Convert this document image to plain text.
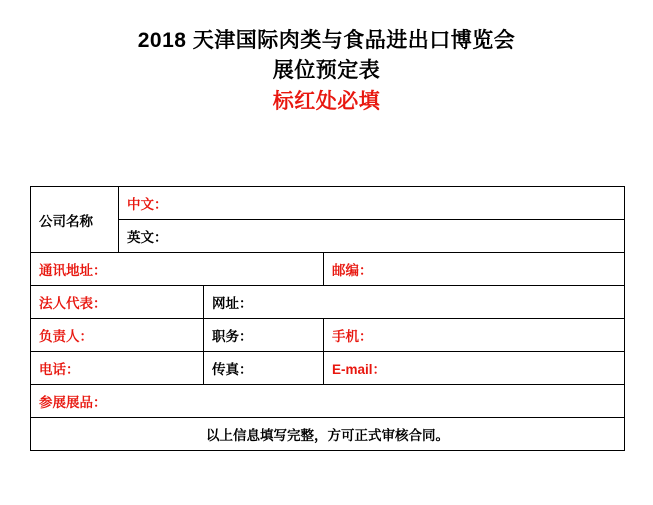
2018 天津国际肉类与食品进出口博览会
展位预定表
标红处必填
公司名称	中文：		
	英文：		
通讯地址：			邮编：
法人代表：		网址：	
负责人：		职务：	手机：
电话：		传真：	E-mail：
参展展品：			
以上信息填写完整，方可正式审核合同。			
